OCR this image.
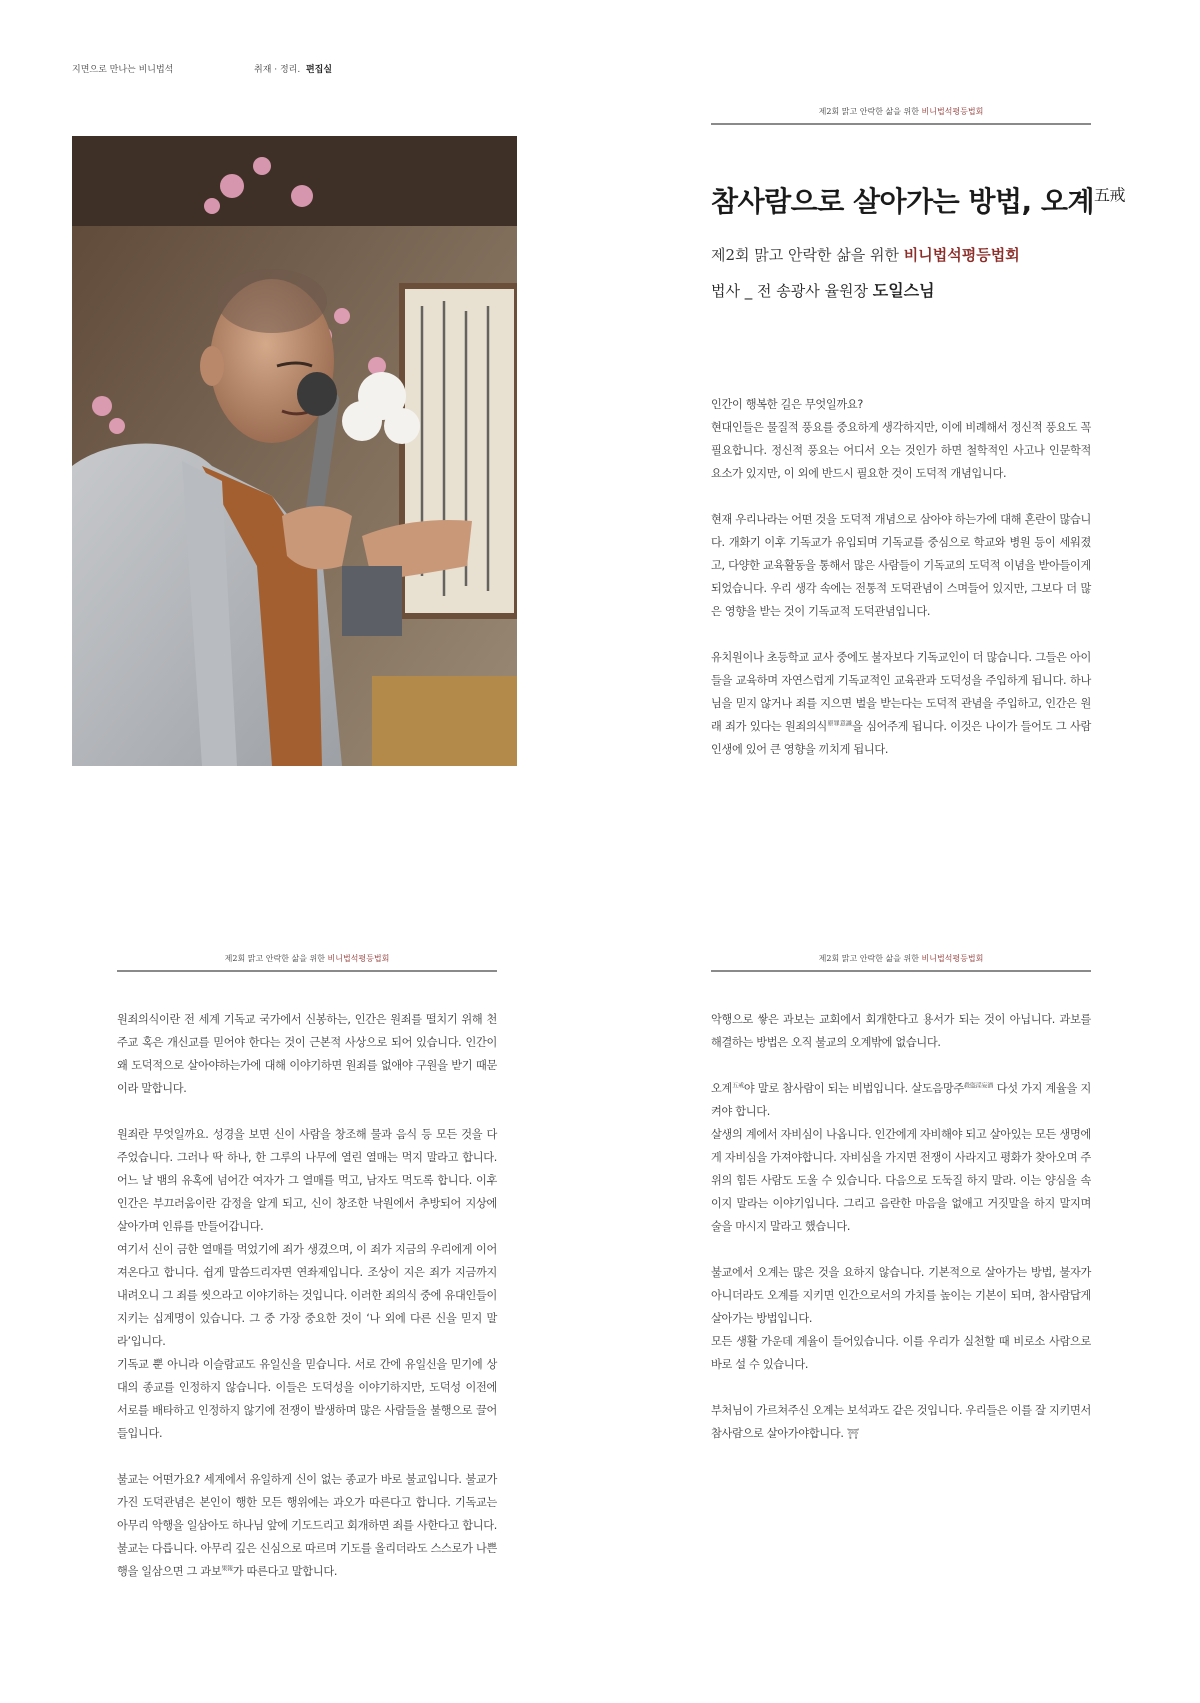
지면으로 만나는 비니법석	취재 · 정리. 편집실
제2회 맑고 안락한 삶을 위한 비니법석평등법회
참사람으로 살아가는 방법, 오계$^{五戒}$
제2회 맑고 안락한 삶을 위한 비니법석평등법회
법사 _ 전 송광사 율원장 도일스님

인간이 행복한 길은 무엇일까요?

현대인들은 물질적 풍요를 중요하게 생각하지만, 이에 비례해서 정신적 풍요도 꼭 필요합니다. 정신적 풍요는 어디서 오는 것인가 하면 철학적인 사고나 인문학적 요소가 있지만, 이 외에 반드시 필요한 것이 도덕적 개념입니다.

현재 우리나라는 어떤 것을 도덕적 개념으로 삼아야 하는가에 대해 혼란이 많습니다. 개화기 이후 기독교가 유입되며 기독교를 중심으로 학교와 병원 등이 세워졌고, 다양한 교육활동을 통해서 많은 사람들이 기독교의 도덕적 이념을 받아들이게 되었습니다. 우리 생각 속에는 전통적 도덕관념이 스며들어 있지만, 그보다 더 많은 영향을 받는 것이 기독교적 도덕관념입니다.

유치원이나 초등학교 교사 중에도 불자보다 기독교인이 더 많습니다. 그들은 아이들을 교육하며 자연스럽게 기독교적인 교육관과 도덕성을 주입하게 됩니다. 하나님을 믿지 않거나 죄를 지으면 벌을 받는다는 도덕적 관념을 주입하고, 인간은 원래 죄가 있다는 원죄의식$^{原罪意識}$을 심어주게 됩니다. 이것은 나이가 들어도 그 사람 인생에 있어 큰 영향을 끼치게 됩니다.

제2회 맑고 안락한 삶을 위한 비니법석평등법회

원죄의식이란 전 세계 기독교 국가에서 신봉하는, 인간은 원죄를 떨치기 위해 천주교 혹은 개신교를 믿어야 한다는 것이 근본적 사상으로 되어 있습니다. 인간이 왜 도덕적으로 살아야하는가에 대해 이야기하면 원죄를 없애야 구원을 받기 때문이라 말합니다.

원죄란 무엇일까요. 성경을 보면 신이 사람을 창조해 물과 음식 등 모든 것을 다 주었습니다. 그러나 딱 하나, 한 그루의 나무에 열린 열매는 먹지 말라고 합니다. 어느 날 뱀의 유혹에 넘어간 여자가 그 열매를 먹고, 남자도 먹도록 합니다. 이후 인간은 부끄러움이란 감정을 알게 되고, 신이 창조한 낙원에서 추방되어 지상에 살아가며 인류를 만들어갑니다.

여기서 신이 금한 열매를 먹었기에 죄가 생겼으며, 이 죄가 지금의 우리에게 이어져온다고 합니다. 쉽게 말씀드리자면 연좌제입니다. 조상이 지은 죄가 지금까지 내려오니 그 죄를 씻으라고 이야기하는 것입니다. 이러한 죄의식 중에 유대인들이 지키는 십계명이 있습니다. 그 중 가장 중요한 것이 ‘나 외에 다른 신을 믿지 말라’입니다.

기독교 뿐 아니라 이슬람교도 유일신을 믿습니다. 서로 간에 유일신을 믿기에 상대의 종교를 인정하지 않습니다. 이들은 도덕성을 이야기하지만, 도덕성 이전에 서로를 배타하고 인정하지 않기에 전쟁이 발생하며 많은 사람들을 불행으로 끌어들입니다.

불교는 어떤가요? 세계에서 유일하게 신이 없는 종교가 바로 불교입니다. 불교가 가진 도덕관념은 본인이 행한 모든 행위에는 과오가 따른다고 합니다. 기독교는 아무리 악행을 일삼아도 하나님 앞에 기도드리고 회개하면 죄를 사한다고 합니다. 불교는 다릅니다. 아무리 깊은 신심으로 따르며 기도를 올리더라도 스스로가 나쁜 행을 일삼으면 그 과보$^{果報}$가 따른다고 말합니다.

제2회 맑고 안락한 삶을 위한 비니법석평등법회

악행으로 쌓은 과보는 교회에서 회개한다고 용서가 되는 것이 아닙니다. 과보를 해결하는 방법은 오직 불교의 오계밖에 없습니다.

오계$^{五戒}$야 말로 참사람이 되는 비법입니다. 살도음망주$^{殺盜淫妄酒}$ 다섯 가지 계율을 지켜야 합니다.

살생의 계에서 자비심이 나옵니다. 인간에게 자비해야 되고 살아있는 모든 생명에게 자비심을 가져야합니다. 자비심을 가지면 전쟁이 사라지고 평화가 찾아오며 주위의 힘든 사람도 도울 수 있습니다. 다음으로 도둑질 하지 말라. 이는 양심을 속이지 말라는 이야기입니다. 그리고 음란한 마음을 없애고 거짓말을 하지 말지며 술을 마시지 말라고 했습니다.

불교에서 오계는 많은 것을 요하지 않습니다. 기본적으로 살아가는 방법, 불자가 아니더라도 오계를 지키면 인간으로서의 가치를 높이는 기본이 되며, 참사람답게 살아가는 방법입니다.

모든 생활 가운데 계율이 들어있습니다. 이를 우리가 실천할 때 비로소 사람으로 바로 설 수 있습니다.

부처님이 가르쳐주신 오계는 보석과도 같은 것입니다. 우리들은 이를 잘 지키면서 참사람으로 살아가야합니다. ⛩
